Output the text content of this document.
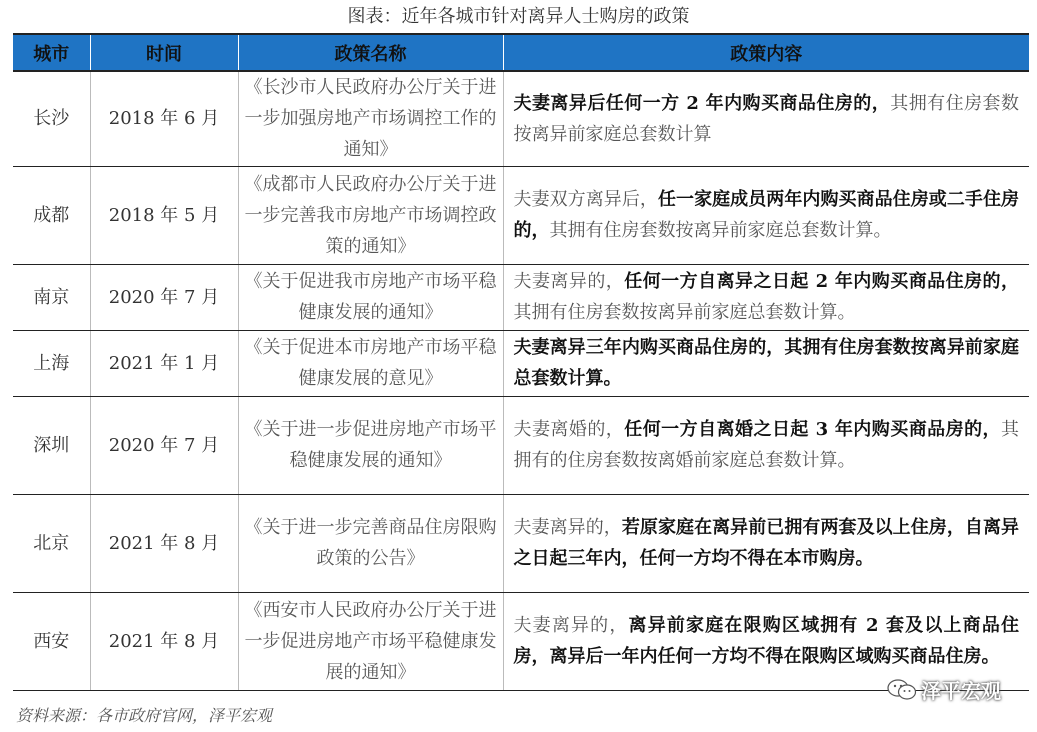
图表：近年各城市针对离异人士购房的政策
城市	时间	政策名称	政策内容
长沙	2018 年 6 月	《长沙市人民政府办公厅关于进一步加强房地产市场调控工作的通知》	夫妻离异后任何一方 2 年内购买商品住房的，其拥有住房套数按离异前家庭总套数计算
成都	2018 年 5 月	《成都市人民政府办公厅关于进一步完善我市房地产市场调控政策的通知》	夫妻双方离异后，任一家庭成员两年内购买商品住房或二手住房的，其拥有住房套数按离异前家庭总套数计算。
南京	2020 年 7 月	《关于促进我市房地产市场平稳健康发展的通知》	夫妻离异的，任何一方自离异之日起 2 年内购买商品住房的，其拥有住房套数按离异前家庭总套数计算。
上海	2021 年 1 月	《关于促进本市房地产市场平稳健康发展的意见》	夫妻离异三年内购买商品住房的，其拥有住房套数按离异前家庭总套数计算。
深圳	2020 年 7 月	《关于进一步促进房地产市场平稳健康发展的通知》	夫妻离婚的，任何一方自离婚之日起 3 年内购买商品房的，其拥有的住房套数按离婚前家庭总套数计算。
北京	2021 年 8 月	《关于进一步完善商品住房限购政策的公告》	夫妻离异的，若原家庭在离异前已拥有两套及以上住房，自离异之日起三年内，任何一方均不得在本市购房。
西安	2021 年 8 月	《西安市人民政府办公厅关于进一步促进房地产市场平稳健康发展的通知》	夫妻离异的，离异前家庭在限购区域拥有 2 套及以上商品住房，离异后一年内任何一方均不得在限购区域购买商品住房。
资料来源：各市政府官网，泽平宏观
泽平宏观
